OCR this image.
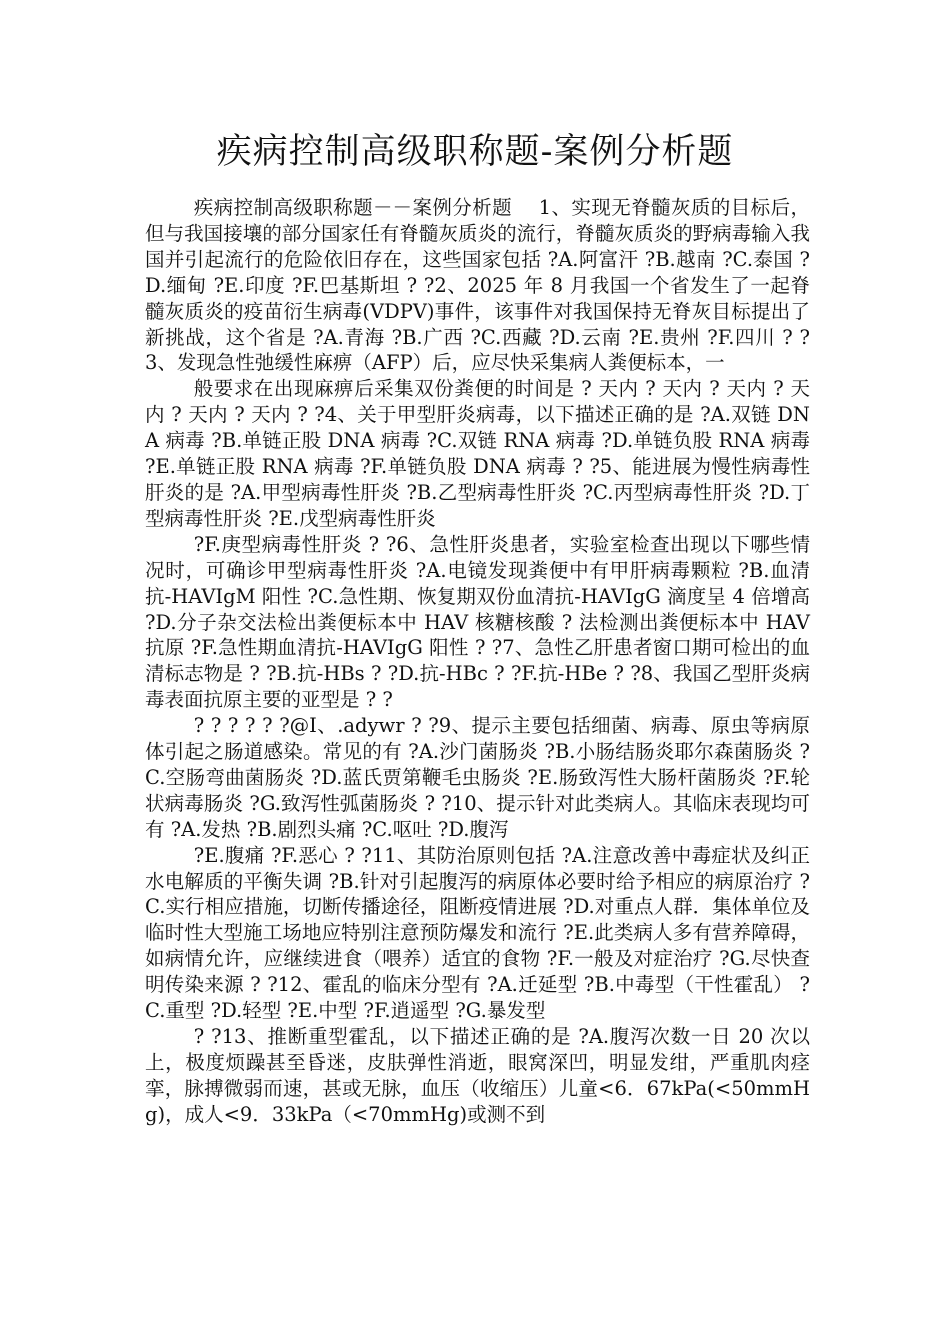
疾病控制高级职称题-案例分析题

疾病控制高级职称题－－案例分析题　 1、实现无脊髓灰质的目标后，但与我国接壤的部分国家任有脊髓灰质炎的流行，脊髓灰质炎的野病毒输入我国并引起流行的危险依旧存在，这些国家包括 ?A.阿富汗 ?B.越南 ?C.泰国 ?D.缅甸 ?E.印度 ?F.巴基斯坦 ? ?2、2025 年 8 月我国一个省发生了一起脊髓灰质炎的疫苗衍生病毒(VDPV)事件，该事件对我国保持无脊灰目标提出了新挑战，这个省是 ?A.青海 ?B.广西 ?C.西藏 ?D.云南 ?E.贵州 ?F.四川 ? ?3、发现急性弛缓性麻痹（AFP）后，应尽快采集病人粪便标本，一

般要求在出现麻痹后采集双份粪便的时间是 ? 天内 ? 天内 ? 天内 ? 天内 ? 天内 ? 天内 ? ?4、关于甲型肝炎病毒，以下描述正确的是 ?A.双链 DNA 病毒 ?B.单链正股 DNA 病毒 ?C.双链 RNA 病毒 ?D.单链负股 RNA 病毒 ?E.单链正股 RNA 病毒 ?F.单链负股 DNA 病毒 ? ?5、能进展为慢性病毒性肝炎的是 ?A.甲型病毒性肝炎 ?B.乙型病毒性肝炎 ?C.丙型病毒性肝炎 ?D.丁型病毒性肝炎 ?E.戊型病毒性肝炎

?F.庚型病毒性肝炎 ? ?6、急性肝炎患者，实验室检查出现以下哪些情况时，可确诊甲型病毒性肝炎 ?A.电镜发现粪便中有甲肝病毒颗粒 ?B.血清抗-HAVIgM 阳性 ?C.急性期、恢复期双份血清抗-HAVIgG 滴度呈 4 倍增高 ?D.分子杂交法检出粪便标本中 HAV 核糖核酸 ? 法检测出粪便标本中 HAV 抗原 ?F.急性期血清抗-HAVIgG 阳性 ? ?7、急性乙肝患者窗口期可检出的血清标志物是 ? ?B.抗-HBs ? ?D.抗-HBc ? ?F.抗-HBe ? ?8、我国乙型肝炎病毒表面抗原主要的亚型是 ? ?

? ? ? ? ? ?@I、.adywr ? ?9、提示主要包括细菌、病毒、原虫等病原体引起之肠道感染。常见的有 ?A.沙门菌肠炎 ?B.小肠结肠炎耶尔森菌肠炎 ?C.空肠弯曲菌肠炎 ?D.蓝氏贾第鞭毛虫肠炎 ?E.肠致泻性大肠杆菌肠炎 ?F.轮状病毒肠炎 ?G.致泻性弧菌肠炎 ? ?10、提示针对此类病人。其临床表现均可有 ?A.发热 ?B.剧烈头痛 ?C.呕吐 ?D.腹泻

?E.腹痛 ?F.恶心 ? ?11、其防治原则包括 ?A.注意改善中毒症状及纠正水电解质的平衡失调 ?B.针对引起腹泻的病原体必要时给予相应的病原治疗 ?C.实行相应措施，切断传播途径，阻断疫情进展 ?D.对重点人群．集体单位及临时性大型施工场地应特别注意预防爆发和流行 ?E.此类病人多有营养障碍，如病情允许，应继续进食（喂养）适宜的食物 ?F.一般及对症治疗 ?G.尽快查明传染来源 ? ?12、霍乱的临床分型有 ?A.迁延型 ?B.中毒型（干性霍乱） ?C.重型 ?D.轻型 ?E.中型 ?F.逍遥型 ?G.暴发型

? ?13、推断重型霍乱，以下描述正确的是 ?A.腹泻次数一日 20 次以上，极度烦躁甚至昏迷，皮肤弹性消逝，眼窝深凹，明显发绀，严重肌肉痉挛，脉搏微弱而速，甚或无脉，血压（收缩压）儿童<6．67kPa(<50mmHg)，成人<9．33kPa（<70mmHg)或测不到
